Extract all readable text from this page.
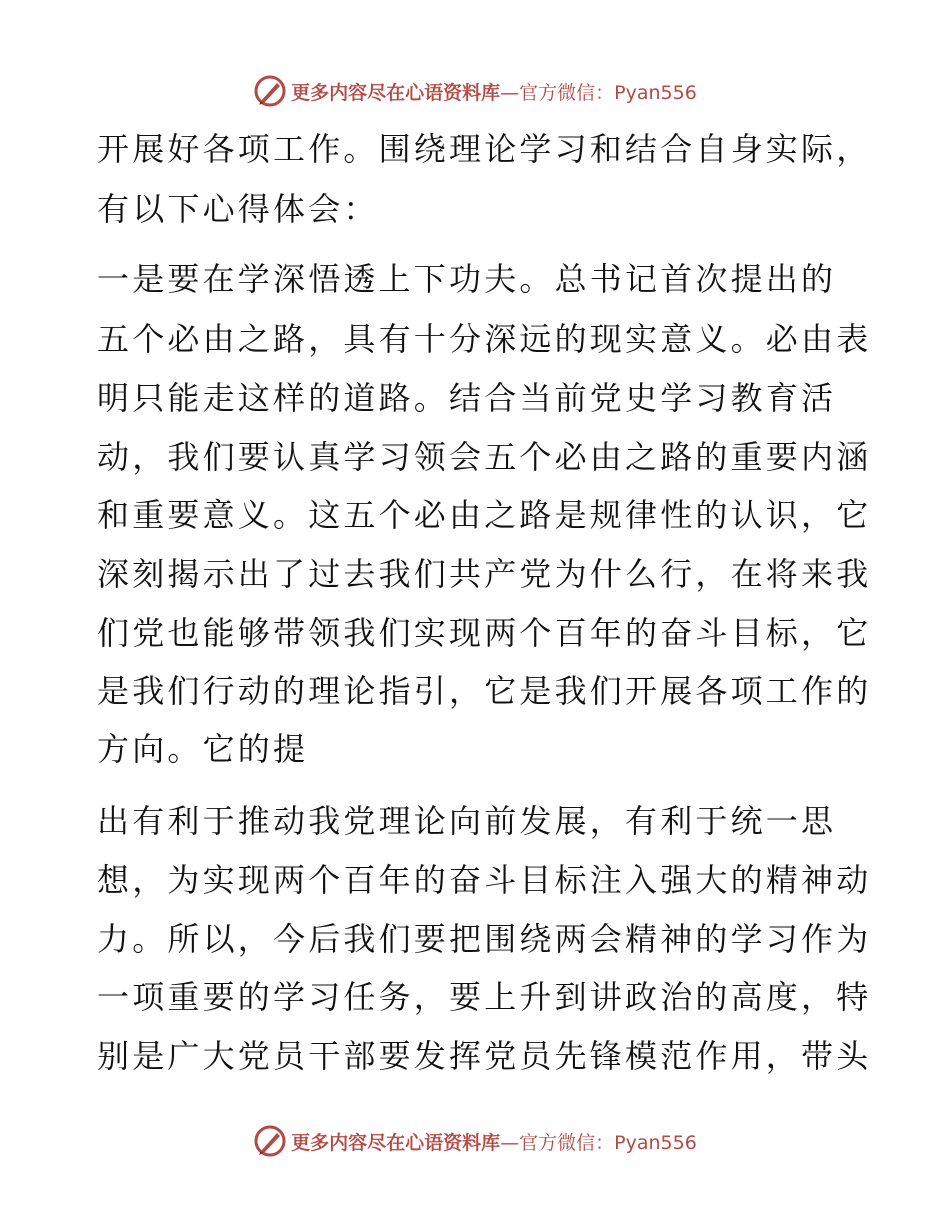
更多内容尽在心语资料库 —官方微信：Pyan556
开展好各项工作。围绕理论学习和结合自身实际，
有以下心得体会：
一是要在学深悟透上下功夫。总书记首次提出的
五个必由之路，具有十分深远的现实意义。必由表
明只能走这样的道路。结合当前党史学习教育活
动，我们要认真学习领会五个必由之路的重要内涵
和重要意义。这五个必由之路是规律性的认识，它
深刻揭示出了过去我们共产党为什么行，在将来我
们党也能够带领我们实现两个百年的奋斗目标，它
是我们行动的理论指引，它是我们开展各项工作的
方向。它的提
出有利于推动我党理论向前发展，有利于统一思
想，为实现两个百年的奋斗目标注入强大的精神动
力。所以，今后我们要把围绕两会精神的学习作为
一项重要的学习任务，要上升到讲政治的高度，特
别是广大党员干部要发挥党员先锋模范作用，带头
更多内容尽在心语资料库 —官方微信：Pyan556
